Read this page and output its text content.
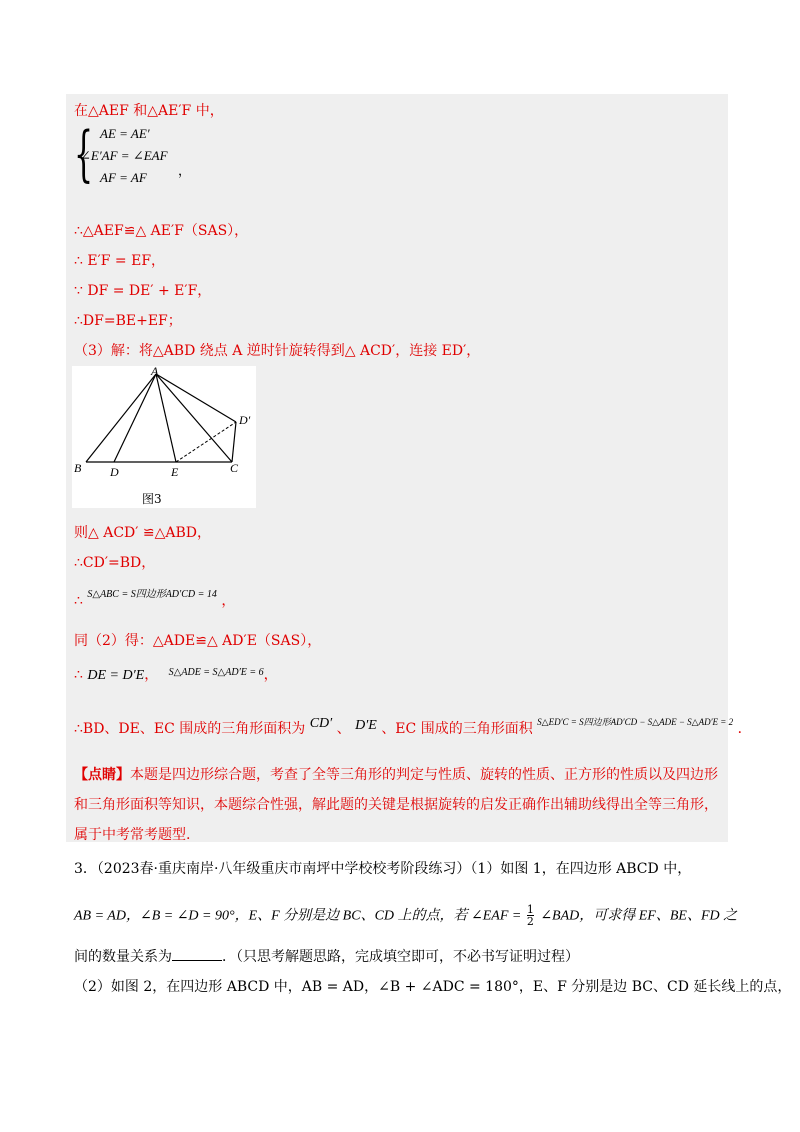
在△AEF 和△AE′F 中，
{ AE = AE′
∠E′AF = ∠EAF
AF = AF ，
∴△AEF≌△ AE′F（SAS），
∴ E′F = EF，
∵ DF = DE′ + E′F，
∴DF=BE+EF；
（3）解：将△ABD 绕点 A 逆时针旋转得到△ ACD′，连接 ED′，
A
B D	E	C
D′
图3
则△ ACD′ ≌△ABD，
∴CD′=BD，
∴ $^{S\triangle ABC = S四边形AD'CD = 14}$ ，
同（2）得：△ADE≌△ AD′E（SAS），
∴ DE = D′E， $^{S\triangle ADE = S\triangle AD'E = 6}$，
∴BD、DE、EC 围成的三角形面积为 CD′ 、 D′E 、EC 围成的三角形面积 $^{S\triangle ED'C = S四边形AD'CD - S\triangle ADE - S\triangle AD'E = 2}$ ．
【点睛】本题是四边形综合题，考查了全等三角形的判定与性质、旋转的性质、正方形的性质以及四边形
和三角形面积等知识，本题综合性强，解此题的关键是根据旋转的启发正确作出辅助线得出全等三角形，
属于中考常考题型.
3．（2023春·重庆南岸·八年级重庆市南坪中学校校考阶段练习）（1）如图 1，在四边形 ABCD 中，
AB = AD，∠B = ∠D = 90°，E、F 分别是边 BC、CD 上的点，若 ∠EAF = $\frac{1}{2}$ ∠BAD，可求得 EF、BE、FD 之
间的数量关系为	．（只思考解题思路，完成填空即可，不必书写证明过程）
（2）如图 2，在四边形 ABCD 中，AB = AD，∠B + ∠ADC = 180°，E、F 分别是边 BC、CD 延长线上的点，
